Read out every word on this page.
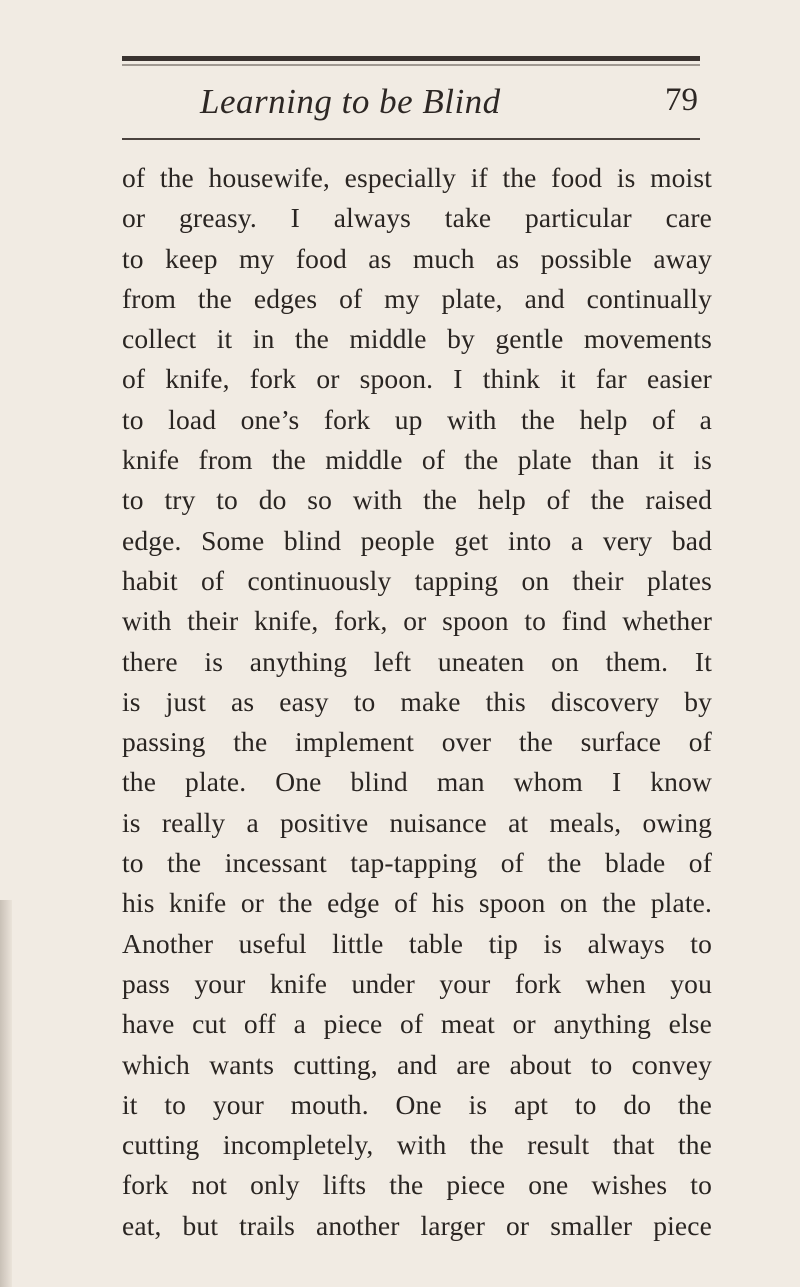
Learning to be Blind	79
of the housewife, especially if the food is moist
or greasy. I always take particular care
to keep my food as much as possible away
from the edges of my plate, and continually
collect it in the middle by gentle movements
of knife, fork or spoon. I think it far easier
to load one’s fork up with the help of a
knife from the middle of the plate than it is
to try to do so with the help of the raised
edge. Some blind people get into a very bad
habit of continuously tapping on their plates
with their knife, fork, or spoon to find whether
there is anything left uneaten on them. It
is just as easy to make this discovery by
passing the implement over the surface of
the plate. One blind man whom I know
is really a positive nuisance at meals, owing
to the incessant tap-tapping of the blade of
his knife or the edge of his spoon on the plate.
Another useful little table tip is always to
pass your knife under your fork when you
have cut off a piece of meat or anything else
which wants cutting, and are about to convey
it to your mouth. One is apt to do the
cutting incompletely, with the result that the
fork not only lifts the piece one wishes to
eat, but trails another larger or smaller piece
